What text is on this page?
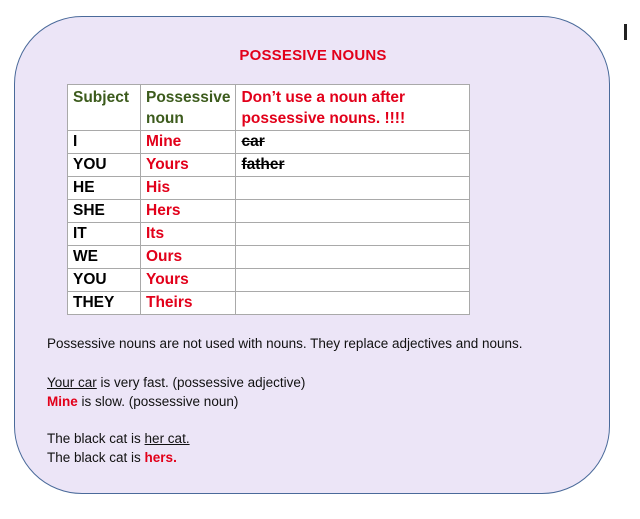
POSSESIVE NOUNS
Subject	Possessive noun	Don’t use a noun after possessive nouns. !!!!
I	Mine	car
YOU	Yours	father
HE	His	
SHE	Hers	
IT	Its	
WE	Ours	
YOU	Yours	
THEY	Theirs	
Possessive nouns are not used with nouns. They replace adjectives and nouns.
Your car is very fast. (possessive adjective)
Mine is slow. (possessive noun)
The black cat is her cat.
The black cat is hers.
